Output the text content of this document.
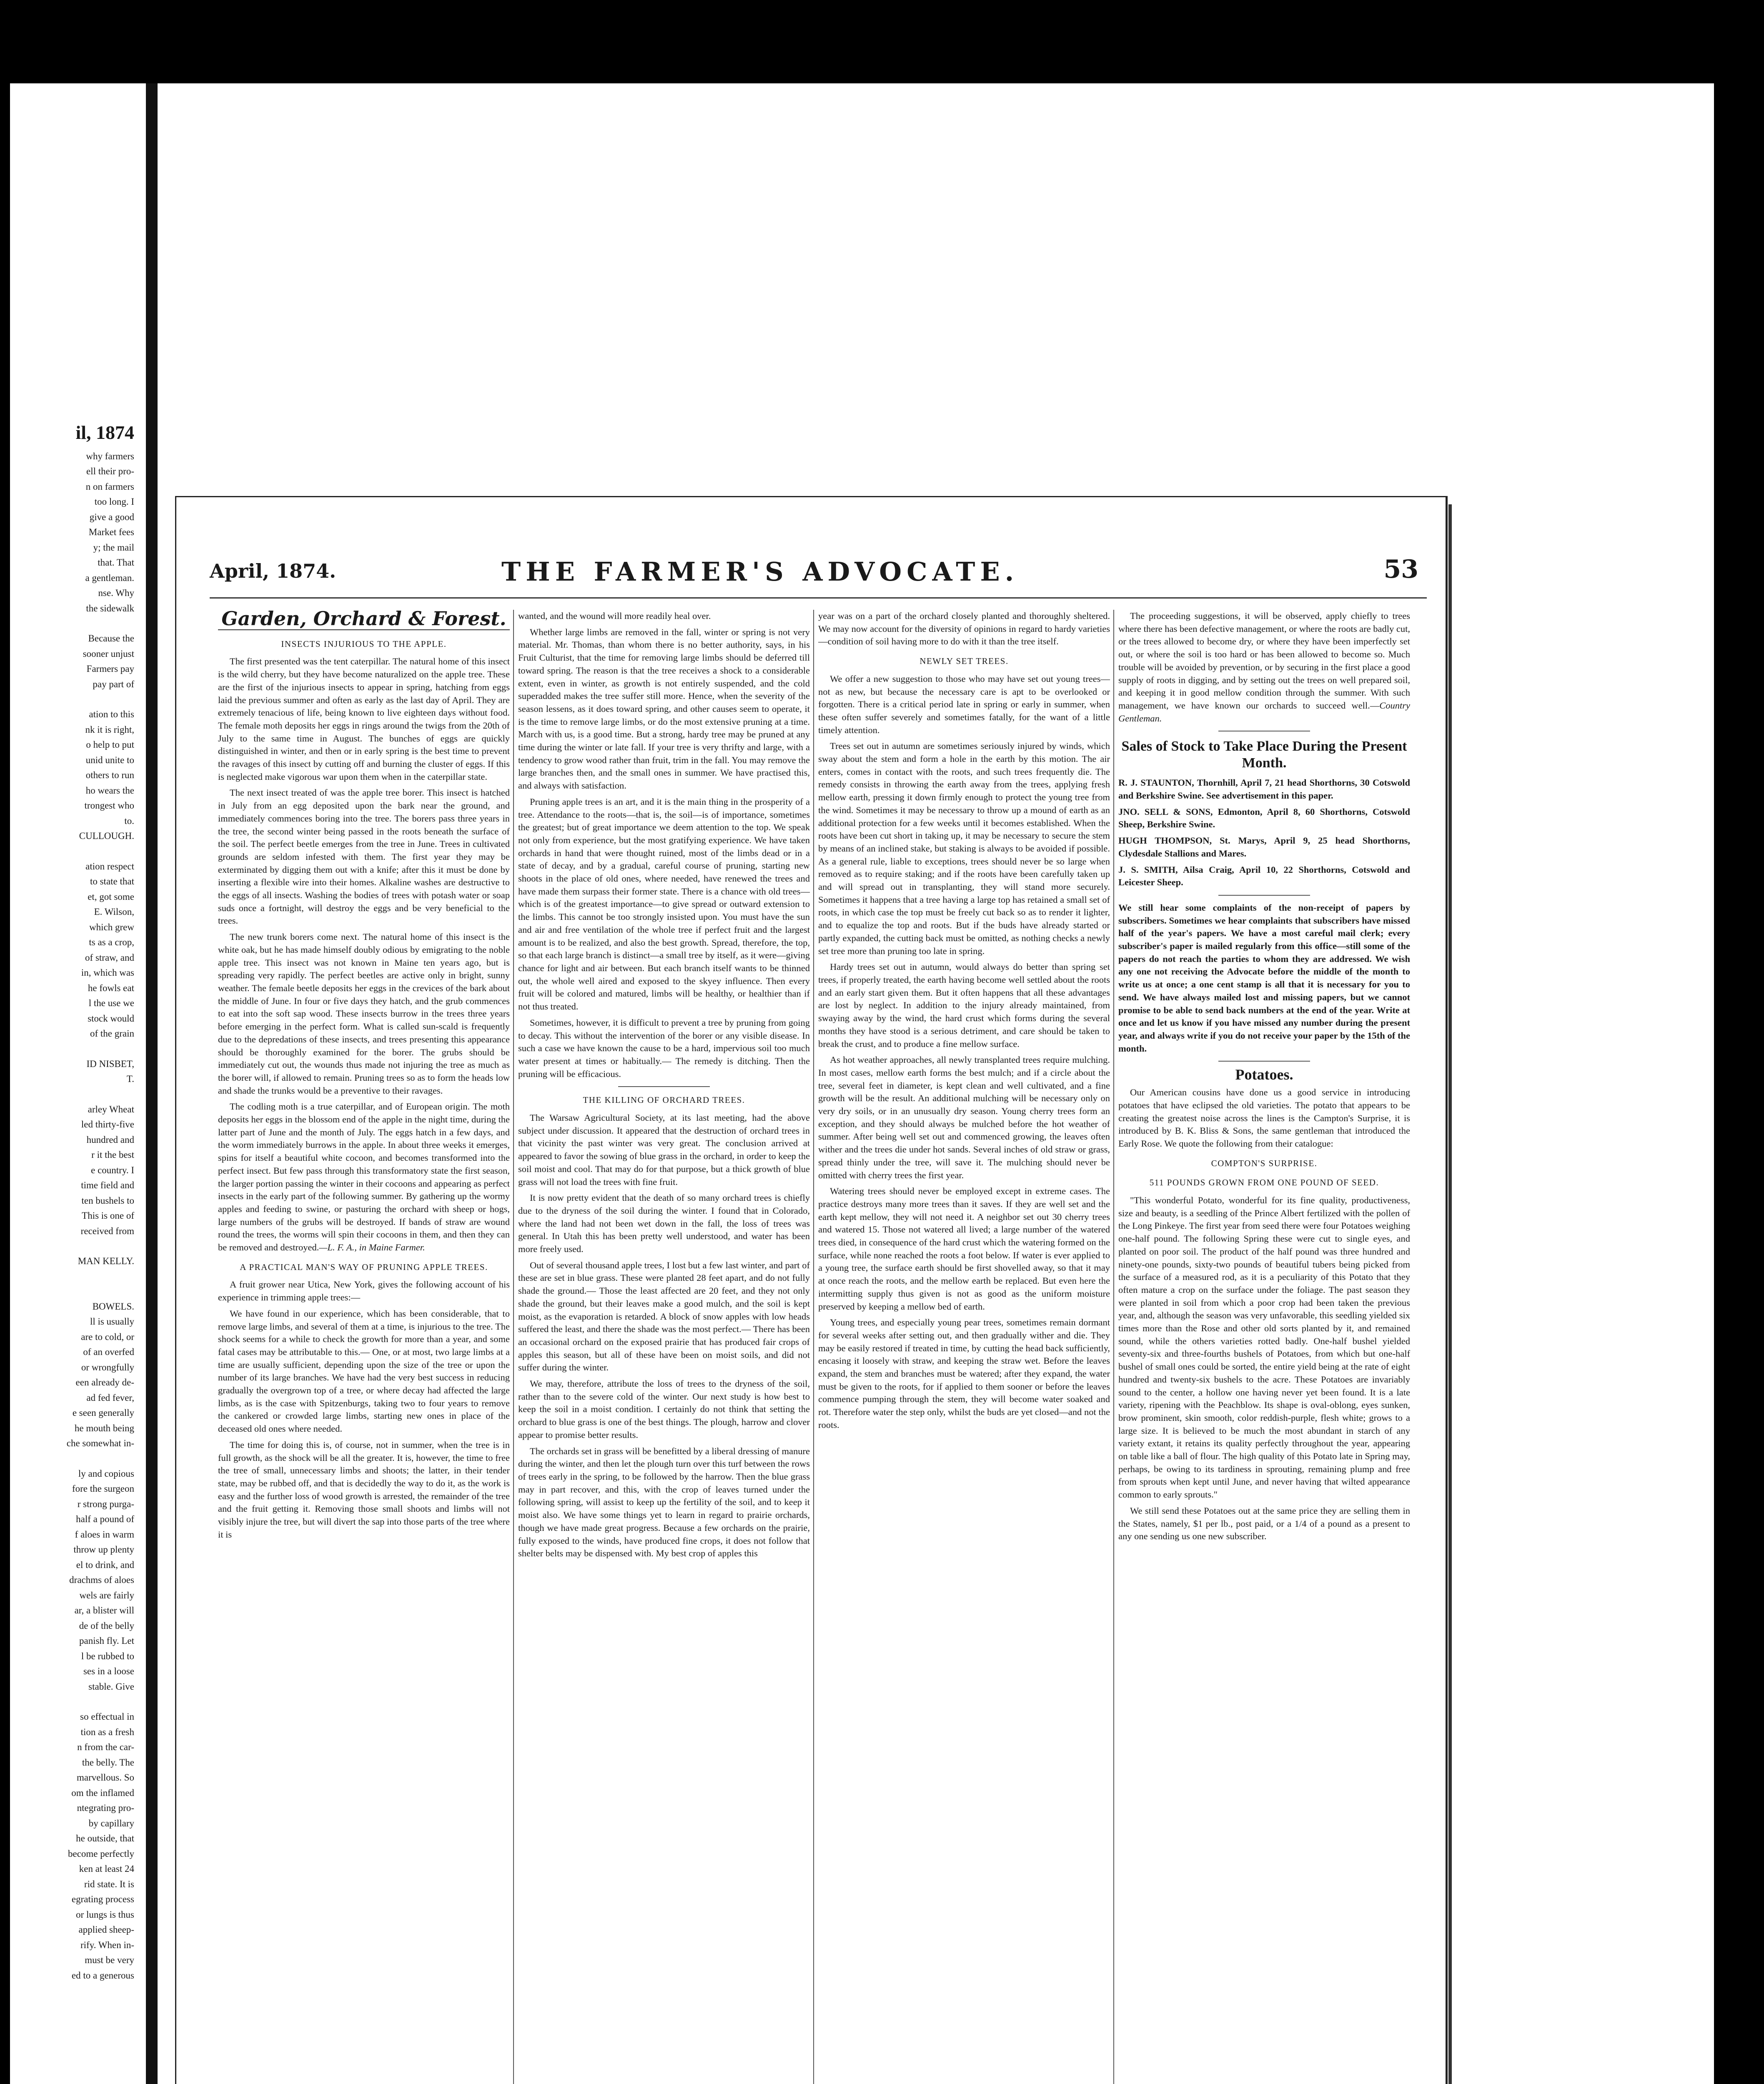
il, 1874
why farmers
ell their pro-
n on farmers
too long. I
give a good
Market fees
y; the mail
that. That
a gentleman.
nse. Why
the sidewalk
Because the
sooner unjust
Farmers pay
pay part of
ation to this
nk it is right,
o help to put
unid unite to
others to run
ho wears the
trongest who
to.
CULLOUGH.
ation respect
to state that
et, got some
E. Wilson,
which grew
ts as a crop,
of straw, and
in, which was
he fowls eat
l the use we
stock would
of the grain
ID NISBET,
T.
arley Wheat
led thirty-five
hundred and
r it the best
e country. I
time field and
ten bushels to
This is one of
received from
MAN KELLY.
BOWELS.
ll is usually
are to cold, or
of an overfed
or wrongfully
een already de-
ad fed fever,
e seen generally
he mouth being
che somewhat in-
ly and copious
fore the surgeon
r strong purga-
half a pound of
f aloes in warm
throw up plenty
el to drink, and
drachms of aloes
wels are fairly
ar, a blister will
de of the belly
panish fly. Let
l be rubbed to
ses in a loose
stable. Give
so effectual in
tion as a fresh
n from the car-
the belly. The
marvellous. So
om the inflamed
ntegrating pro-
by capillary
he outside, that
become perfectly
ken at least 24
rid state. It is
egrating process
or lungs is thus
applied sheep-
rify. When in-
must be very
ed to a generous
April, 1874.	THE FARMER'S ADVOCATE.	53
Garden, Orchard & Forest.
INSECTS INJURIOUS TO THE APPLE.

The first presented was the tent caterpillar. The natural home of this insect is the wild cherry, but they have become naturalized on the apple tree. These are the first of the injurious insects to appear in spring, hatching from eggs laid the previous summer and often as early as the last day of April. They are extremely tenacious of life, being known to live eighteen days without food. The female moth deposits her eggs in rings around the twigs from the 20th of July to the same time in August. The bunches of eggs are quickly distinguished in winter, and then or in early spring is the best time to prevent the ravages of this insect by cutting off and burning the cluster of eggs. If this is neglected make vigorous war upon them when in the caterpillar state.

The next insect treated of was the apple tree borer. This insect is hatched in July from an egg deposited upon the bark near the ground, and immediately commences boring into the tree. The borers pass three years in the tree, the second winter being passed in the roots beneath the surface of the soil. The perfect beetle emerges from the tree in June. Trees in cultivated grounds are seldom infested with them. The first year they may be exterminated by digging them out with a knife; after this it must be done by inserting a flexible wire into their homes. Alkaline washes are destructive to the eggs of all insects. Washing the bodies of trees with potash water or soap suds once a fortnight, will destroy the eggs and be very beneficial to the trees.

The new trunk borers come next. The natural home of this insect is the white oak, but he has made himself doubly odious by emigrating to the noble apple tree. This insect was not known in Maine ten years ago, but is spreading very rapidly. The perfect beetles are active only in bright, sunny weather. The female beetle deposits her eggs in the crevices of the bark about the middle of June. In four or five days they hatch, and the grub commences to eat into the soft sap wood. These insects burrow in the trees three years before emerging in the perfect form. What is called sun-scald is frequently due to the depredations of these insects, and trees presenting this appearance should be thoroughly examined for the borer. The grubs should be immediately cut out, the wounds thus made not injuring the tree as much as the borer will, if allowed to remain. Pruning trees so as to form the heads low and shade the trunks would be a preventive to their ravages.

The codling moth is a true caterpillar, and of European origin. The moth deposits her eggs in the blossom end of the apple in the night time, during the latter part of June and the month of July. The eggs hatch in a few days, and the worm immediately burrows in the apple. In about three weeks it emerges, spins for itself a beautiful white cocoon, and becomes transformed into the perfect insect. But few pass through this transformatory state the first season, the larger portion passing the winter in their cocoons and appearing as perfect insects in the early part of the following summer. By gathering up the wormy apples and feeding to swine, or pasturing the orchard with sheep or hogs, large numbers of the grubs will be destroyed. If bands of straw are wound round the trees, the worms will spin their cocoons in them, and then they can be removed and destroyed.—L. F. A., in Maine Farmer.

A PRACTICAL MAN'S WAY OF PRUNING APPLE TREES.

A fruit grower near Utica, New York, gives the following account of his experience in trimming apple trees:—

We have found in our experience, which has been considerable, that to remove large limbs, and several of them at a time, is injurious to the tree. The shock seems for a while to check the growth for more than a year, and some fatal cases may be attributable to this.— One, or at most, two large limbs at a time are usually sufficient, depending upon the size of the tree or upon the number of its large branches. We have had the very best success in reducing gradually the overgrown top of a tree, or where decay had affected the large limbs, as is the case with Spitzenburgs, taking two to four years to remove the cankered or crowded large limbs, starting new ones in place of the deceased old ones where needed.

The time for doing this is, of course, not in summer, when the tree is in full growth, as the shock will be all the greater. It is, however, the time to free the tree of small, unnecessary limbs and shoots; the latter, in their tender state, may be rubbed off, and that is decidedly the way to do it, as the work is easy and the further loss of wood growth is arrested, the remainder of the tree and the fruit getting it. Removing those small shoots and limbs will not visibly injure the tree, but will divert the sap into those parts of the tree where it is

wanted, and the wound will more readily heal over.

Whether large limbs are removed in the fall, winter or spring is not very material. Mr. Thomas, than whom there is no better authority, says, in his Fruit Culturist, that the time for removing large limbs should be deferred till toward spring. The reason is that the tree receives a shock to a considerable extent, even in winter, as growth is not entirely suspended, and the cold superadded makes the tree suffer still more. Hence, when the severity of the season lessens, as it does toward spring, and other causes seem to operate, it is the time to remove large limbs, or do the most extensive pruning at a time. March with us, is a good time. But a strong, hardy tree may be pruned at any time during the winter or late fall. If your tree is very thrifty and large, with a tendency to grow wood rather than fruit, trim in the fall. You may remove the large branches then, and the small ones in summer. We have practised this, and always with satisfaction.

Pruning apple trees is an art, and it is the main thing in the prosperity of a tree. Attendance to the roots—that is, the soil—is of importance, sometimes the greatest; but of great importance we deem attention to the top. We speak not only from experience, but the most gratifying experience. We have taken orchards in hand that were thought ruined, most of the limbs dead or in a state of decay, and by a gradual, careful course of pruning, starting new shoots in the place of old ones, where needed, have renewed the trees and have made them surpass their former state. There is a chance with old trees—which is of the greatest importance—to give spread or outward extension to the limbs. This cannot be too strongly insisted upon. You must have the sun and air and free ventilation of the whole tree if perfect fruit and the largest amount is to be realized, and also the best growth. Spread, therefore, the top, so that each large branch is distinct—a small tree by itself, as it were—giving chance for light and air between. But each branch itself wants to be thinned out, the whole well aired and exposed to the skyey influence. Then every fruit will be colored and matured, limbs will be healthy, or healthier than if not thus treated.

Sometimes, however, it is difficult to prevent a tree by pruning from going to decay. This without the intervention of the borer or any visible disease. In such a case we have known the cause to be a hard, impervious soil too much water present at times or habitually.— The remedy is ditching. Then the pruning will be efficacious.

THE KILLING OF ORCHARD TREES.

The Warsaw Agricultural Society, at its last meeting, had the above subject under discussion. It appeared that the destruction of orchard trees in that vicinity the past winter was very great. The conclusion arrived at appeared to favor the sowing of blue grass in the orchard, in order to keep the soil moist and cool. That may do for that purpose, but a thick growth of blue grass will not load the trees with fine fruit.

It is now pretty evident that the death of so many orchard trees is chiefly due to the dryness of the soil during the winter. I found that in Colorado, where the land had not been wet down in the fall, the loss of trees was general. In Utah this has been pretty well understood, and water has been more freely used.

Out of several thousand apple trees, I lost but a few last winter, and part of these are set in blue grass. These were planted 28 feet apart, and do not fully shade the ground.— Those the least affected are 20 feet, and they not only shade the ground, but their leaves make a good mulch, and the soil is kept moist, as the evaporation is retarded. A block of snow apples with low heads suffered the least, and there the shade was the most perfect.— There has been an occasional orchard on the exposed prairie that has produced fair crops of apples this season, but all of these have been on moist soils, and did not suffer during the winter.

We may, therefore, attribute the loss of trees to the dryness of the soil, rather than to the severe cold of the winter. Our next study is how best to keep the soil in a moist condition. I certainly do not think that setting the orchard to blue grass is one of the best things. The plough, harrow and clover appear to promise better results.

The orchards set in grass will be benefitted by a liberal dressing of manure during the winter, and then let the plough turn over this turf between the rows of trees early in the spring, to be followed by the harrow. Then the blue grass may in part recover, and this, with the crop of leaves turned under the following spring, will assist to keep up the fertility of the soil, and to keep it moist also. We have some things yet to learn in regard to prairie orchards, though we have made great progress. Because a few orchards on the prairie, fully exposed to the winds, have produced fine crops, it does not follow that shelter belts may be dispensed with. My best crop of apples this

year was on a part of the orchard closely planted and thoroughly sheltered. We may now account for the diversity of opinions in regard to hardy varieties—condition of soil having more to do with it than the tree itself.

NEWLY SET TREES.

We offer a new suggestion to those who may have set out young trees—not as new, but because the necessary care is apt to be overlooked or forgotten. There is a critical period late in spring or early in summer, when these often suffer severely and sometimes fatally, for the want of a little timely attention.

Trees set out in autumn are sometimes seriously injured by winds, which sway about the stem and form a hole in the earth by this motion. The air enters, comes in contact with the roots, and such trees frequently die. The remedy consists in throwing the earth away from the trees, applying fresh mellow earth, pressing it down firmly enough to protect the young tree from the wind. Sometimes it may be necessary to throw up a mound of earth as an additional protection for a few weeks until it becomes established. When the roots have been cut short in taking up, it may be necessary to secure the stem by means of an inclined stake, but staking is always to be avoided if possible. As a general rule, liable to exceptions, trees should never be so large when removed as to require staking; and if the roots have been carefully taken up and will spread out in transplanting, they will stand more securely. Sometimes it happens that a tree having a large top has retained a small set of roots, in which case the top must be freely cut back so as to render it lighter, and to equalize the top and roots. But if the buds have already started or partly expanded, the cutting back must be omitted, as nothing checks a newly set tree more than pruning too late in spring.

Hardy trees set out in autumn, would always do better than spring set trees, if properly treated, the earth having become well settled about the roots and an early start given them. But it often happens that all these advantages are lost by neglect. In addition to the injury already maintained, from swaying away by the wind, the hard crust which forms during the several months they have stood is a serious detriment, and care should be taken to break the crust, and to produce a fine mellow surface.

As hot weather approaches, all newly transplanted trees require mulching. In most cases, mellow earth forms the best mulch; and if a circle about the tree, several feet in diameter, is kept clean and well cultivated, and a fine growth will be the result. An additional mulching will be necessary only on very dry soils, or in an unusually dry season. Young cherry trees form an exception, and they should always be mulched before the hot weather of summer. After being well set out and commenced growing, the leaves often wither and the trees die under hot sands. Several inches of old straw or grass, spread thinly under the tree, will save it. The mulching should never be omitted with cherry trees the first year.

Watering trees should never be employed except in extreme cases. The practice destroys many more trees than it saves. If they are well set and the earth kept mellow, they will not need it. A neighbor set out 30 cherry trees and watered 15. Those not watered all lived; a large number of the watered trees died, in consequence of the hard crust which the watering formed on the surface, while none reached the roots a foot below. If water is ever applied to a young tree, the surface earth should be first shovelled away, so that it may at once reach the roots, and the mellow earth be replaced. But even here the intermitting supply thus given is not as good as the uniform moisture preserved by keeping a mellow bed of earth.

Young trees, and especially young pear trees, sometimes remain dormant for several weeks after setting out, and then gradually wither and die. They may be easily restored if treated in time, by cutting the head back sufficiently, encasing it loosely with straw, and keeping the straw wet. Before the leaves expand, the stem and branches must be watered; after they expand, the water must be given to the roots, for if applied to them sooner or before the leaves commence pumping through the stem, they will become water soaked and rot. Therefore water the step only, whilst the buds are yet closed—and not the roots.

The proceeding suggestions, it will be observed, apply chiefly to trees where there has been defective management, or where the roots are badly cut, or the trees allowed to become dry, or where they have been imperfectly set out, or where the soil is too hard or has been allowed to become so. Much trouble will be avoided by prevention, or by securing in the first place a good supply of roots in digging, and by setting out the trees on well prepared soil, and keeping it in good mellow condition through the summer. With such management, we have known our orchards to succeed well.—Country Gentleman.

Sales of Stock to Take Place During the Present Month.

R. J. STAUNTON, Thornhill, April 7, 21 head Shorthorns, 30 Cotswold and Berkshire Swine. See advertisement in this paper.

JNO. SELL & SONS, Edmonton, April 8, 60 Shorthorns, Cotswold Sheep, Berkshire Swine.

HUGH THOMPSON, St. Marys, April 9, 25 head Shorthorns, Clydesdale Stallions and Mares.

J. S. SMITH, Ailsa Craig, April 10, 22 Shorthorns, Cotswold and Leicester Sheep.

We still hear some complaints of the non-receipt of papers by subscribers. Sometimes we hear complaints that subscribers have missed half of the year's papers. We have a most careful mail clerk; every subscriber's paper is mailed regularly from this office—still some of the papers do not reach the parties to whom they are addressed. We wish any one not receiving the Advocate before the middle of the month to write us at once; a one cent stamp is all that it is necessary for you to send. We have always mailed lost and missing papers, but we cannot promise to be able to send back numbers at the end of the year. Write at once and let us know if you have missed any number during the present year, and always write if you do not receive your paper by the 15th of the month.

Potatoes.

Our American cousins have done us a good service in introducing potatoes that have eclipsed the old varieties. The potato that appears to be creating the greatest noise across the lines is the Campton's Surprise, it is introduced by B. K. Bliss & Sons, the same gentleman that introduced the Early Rose. We quote the following from their catalogue:

COMPTON'S SURPRISE.
511 POUNDS GROWN FROM ONE POUND OF SEED.

"This wonderful Potato, wonderful for its fine quality, productiveness, size and beauty, is a seedling of the Prince Albert fertilized with the pollen of the Long Pinkeye. The first year from seed there were four Potatoes weighing one-half pound. The following Spring these were cut to single eyes, and planted on poor soil. The product of the half pound was three hundred and ninety-one pounds, sixty-two pounds of beautiful tubers being picked from the surface of a measured rod, as it is a peculiarity of this Potato that they often mature a crop on the surface under the foliage. The past season they were planted in soil from which a poor crop had been taken the previous year, and, although the season was very unfavorable, this seedling yielded six times more than the Rose and other old sorts planted by it, and remained sound, while the others varieties rotted badly. One-half bushel yielded seventy-six and three-fourths bushels of Potatoes, from which but one-half bushel of small ones could be sorted, the entire yield being at the rate of eight hundred and twenty-six bushels to the acre. These Potatoes are invariably sound to the center, a hollow one having never yet been found. It is a late variety, ripening with the Peachblow. Its shape is oval-oblong, eyes sunken, brow prominent, skin smooth, color reddish-purple, flesh white; grows to a large size. It is believed to be much the most abundant in starch of any variety extant, it retains its quality perfectly throughout the year, appearing on table like a ball of flour. The high quality of this Potato late in Spring may, perhaps, be owing to its tardiness in sprouting, remaining plump and free from sprouts when kept until June, and never having that wilted appearance common to early sprouts."

We still send these Potatoes out at the same price they are selling them in the States, namely, $1 per lb., post paid, or a 1/4 of a pound as a present to any one sending us one new subscriber.
